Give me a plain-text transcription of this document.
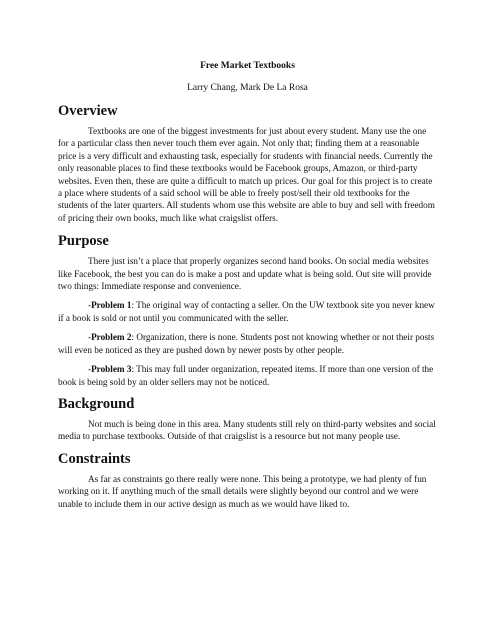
Free Market Textbooks
Larry Chang, Mark De La Rosa
Overview

Textbooks are one of the biggest investments for just about every student. Many use the one for a particular class then never touch them ever again. Not only that; finding them at a reasonable price is a very difficult and exhausting task, especially for students with financial needs. Currently the only reasonable places to find these textbooks would be Facebook groups, Amazon, or third-party websites. Even then, these are quite a difficult to match up prices. Our goal for this project is to create a place where students of a said school will be able to freely post/sell their old textbooks for the students of the later quarters. All students whom use this website are able to buy and sell with freedom of pricing their own books, much like what craigslist offers.

Purpose

There just isn’t a place that properly organizes second hand books. On social media websites like Facebook, the best you can do is make a post and update what is being sold. Out site will provide two things: Immediate response and convenience.

-Problem 1: The original way of contacting a seller. On the UW textbook site you never knew if a book is sold or not until you communicated with the seller.

-Problem 2: Organization, there is none. Students post not knowing whether or not their posts will even be noticed as they are pushed down by newer posts by other people.

-Problem 3: This may full under organization, repeated items. If more than one version of the book is being sold by an older sellers may not be noticed.

Background

Not much is being done in this area. Many students still rely on third-party websites and social media to purchase textbooks. Outside of that craigslist is a resource but not many people use.

Constraints

As far as constraints go there really were none. This being a prototype, we had plenty of fun working on it. If anything much of the small details were slightly beyond our control and we were unable to include them in our active design as much as we would have liked to.
